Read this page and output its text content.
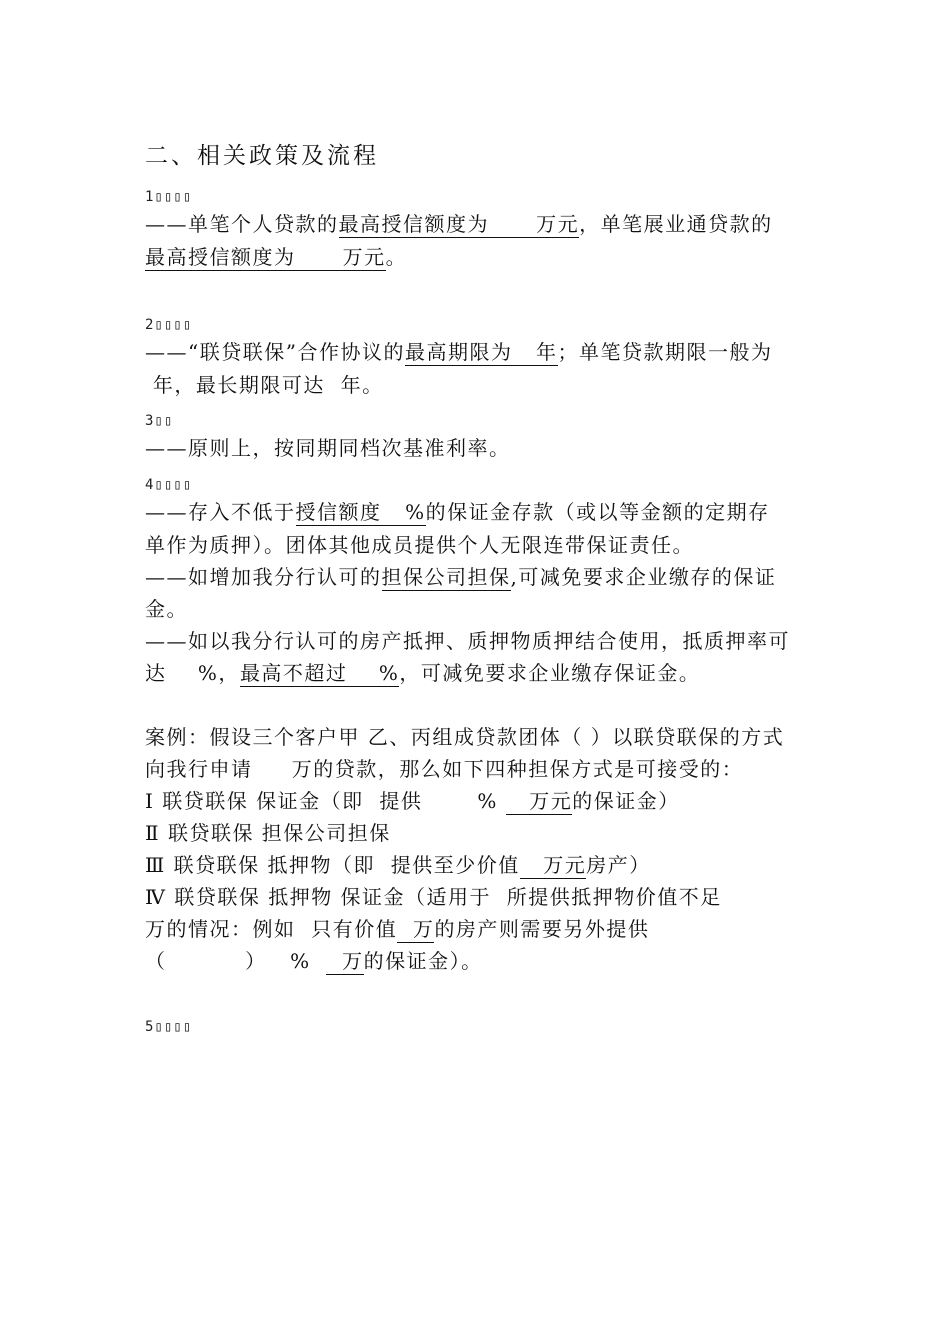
二、相关政策及流程
1▯▯▯▯
——单笔个人贷款的最高授信额度为      万元，单笔展业通贷款的
最高授信额度为      万元。
2▯▯▯▯
——“联贷联保”合作协议的最高期限为   年；单笔贷款期限一般为
年，最长期限可达  年。
3▯▯
——原则上，按同期同档次基准利率。
4▯▯▯▯
——存入不低于授信额度   %的保证金存款（或以等金额的定期存
单作为质押）。团体其他成员提供个人无限连带保证责任。
——如增加我分行认可的担保公司担保,可减免要求企业缴存的保证
金。
——如以我分行认可的房产抵押、质押物质押结合使用，抵质押率可
达    %，最高不超过    %，可减免要求企业缴存保证金。
案例：假设三个客户甲 乙、丙组成贷款团体（ ）以联贷联保的方式
向我行申请     万的贷款，那么如下四种担保方式是可接受的：
Ⅰ 联贷联保 保证金（即  提供       %    万元的保证金）
Ⅱ 联贷联保 担保公司担保
Ⅲ 联贷联保 抵押物（即  提供至少价值   万元房产）
Ⅳ 联贷联保 抵押物 保证金（适用于  所提供抵押物价值不足
万的情况：例如  只有价值  万的房产则需要另外提供
（          ）   %    万的保证金）。
5▯▯▯▯
